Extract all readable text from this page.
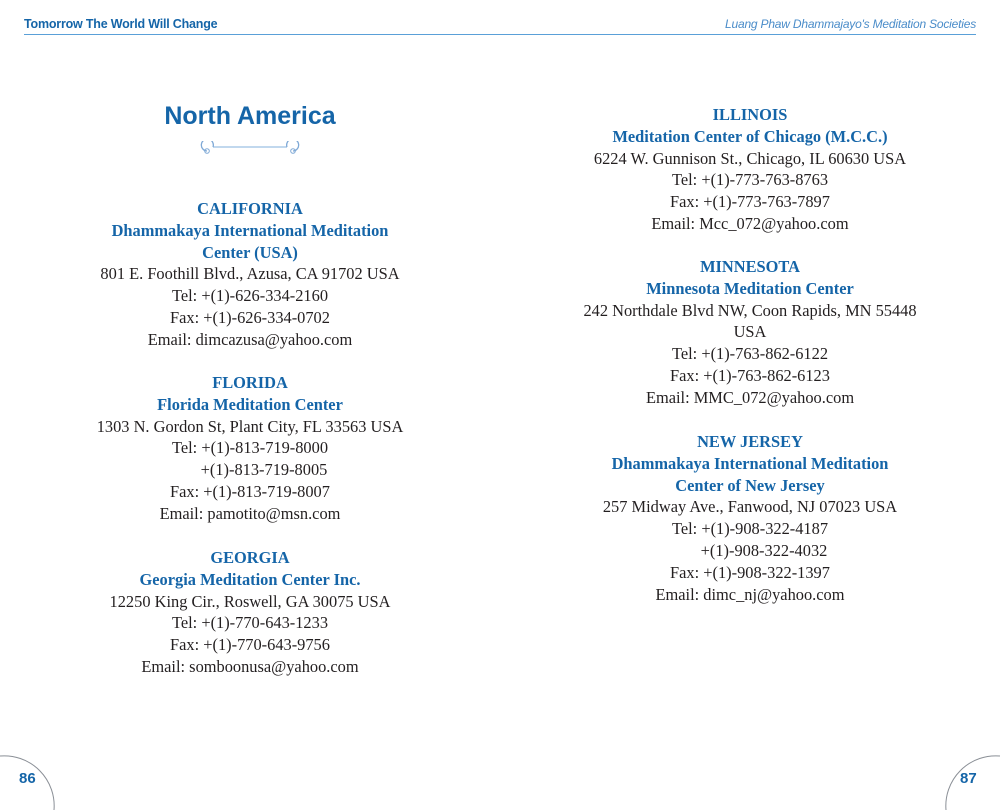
Tomorrow The World Will Change	Luang Phaw Dhammajayo's Meditation Societies
North America
CALIFORNIA
Dhammakaya International Meditation
Center (USA)
801 E. Foothill Blvd., Azusa, CA 91702 USA
Tel: +(1)-626-334-2160
Fax: +(1)-626-334-0702
Email: dimcazusa@yahoo.com
FLORIDA
Florida Meditation Center
1303 N. Gordon St, Plant City, FL 33563 USA
Tel: +(1)-813-719-8000
+(1)-813-719-8005
Fax: +(1)-813-719-8007
Email: pamotito@msn.com
GEORGIA
Georgia Meditation Center Inc.
12250 King Cir., Roswell, GA 30075 USA
Tel: +(1)-770-643-1233
Fax: +(1)-770-643-9756
Email: somboonusa@yahoo.com
ILLINOIS
Meditation Center of Chicago (M.C.C.)
6224 W. Gunnison St., Chicago, IL 60630 USA
Tel: +(1)-773-763-8763
Fax: +(1)-773-763-7897
Email: Mcc_072@yahoo.com
MINNESOTA
Minnesota Meditation Center
242 Northdale Blvd NW, Coon Rapids, MN 55448
USA
Tel: +(1)-763-862-6122
Fax: +(1)-763-862-6123
Email: MMC_072@yahoo.com
NEW JERSEY
Dhammakaya International Meditation
Center of New Jersey
257 Midway Ave., Fanwood, NJ 07023 USA
Tel: +(1)-908-322-4187
+(1)-908-322-4032
Fax: +(1)-908-322-1397
Email: dimc_nj@yahoo.com
86	87
